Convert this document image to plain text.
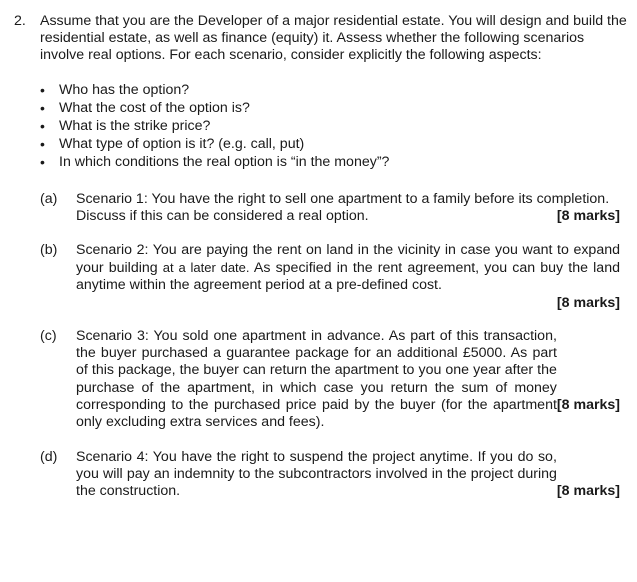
2. Assume that you are the Developer of a major residential estate. You will design and build the residential estate, as well as finance (equity) it. Assess whether the following scenarios involve real options. For each scenario, consider explicitly the following aspects:
• Who has the option?
• What the cost of the option is?
• What is the strike price?
• What type of option is it? (e.g. call, put)
• In which conditions the real option is “in the money”?
(a) Scenario 1: You have the right to sell one apartment to a family before its completion.
[8 marks]
Discuss if this can be considered a real option.
(b) Scenario 2: You are paying the rent on land in the vicinity in case you want to expand your building at a later date. As specified in the rent agreement, you can buy the land anytime within the agreement period at a pre-defined cost.
[8 marks]
(c)
[8 marks]
Scenario 3: You sold one apartment in advance. As part of this transaction, the buyer purchased a guarantee package for an additional £5000. As part of this package, the buyer can return the apartment to you one year after the purchase of the apartment, in which case you return the sum of money corresponding to the purchased price paid by the buyer (for the apartment only excluding extra services and fees).
(d)
[8 marks]
Scenario 4: You have the right to suspend the project anytime. If you do so, you will pay an indemnity to the subcontractors involved in the project during the construction.
